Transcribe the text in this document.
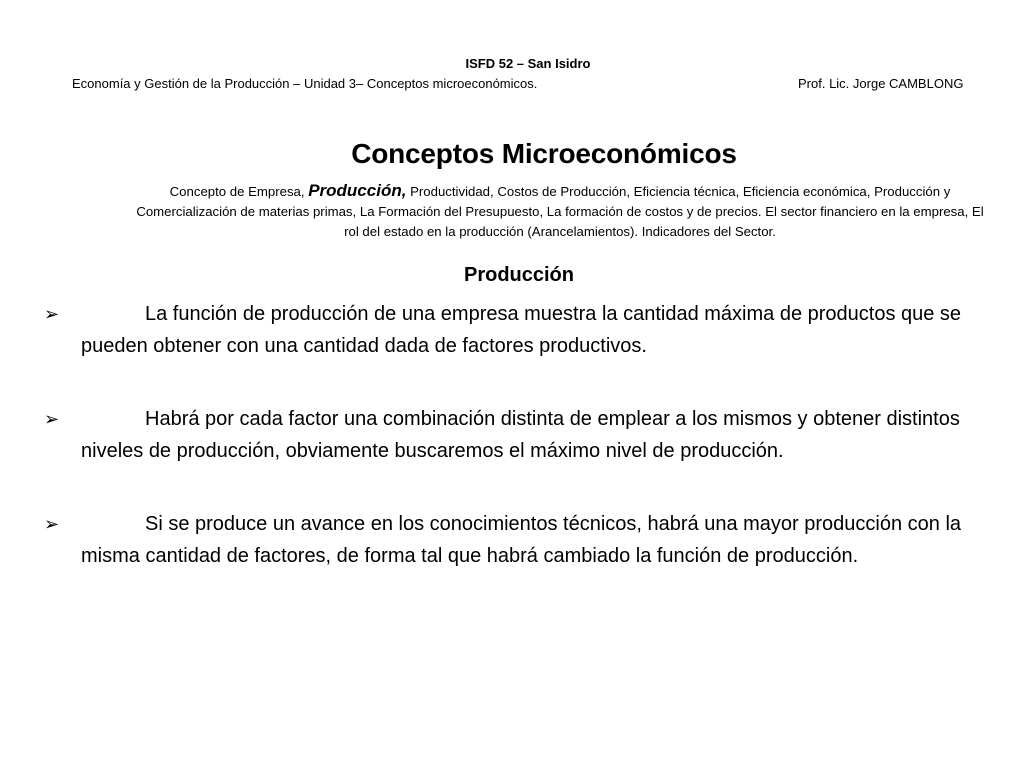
ISFD 52 – San Isidro
Economía y Gestión de la Producción – Unidad 3– Conceptos microeconómicos.	Prof. Lic. Jorge CAMBLONG
Conceptos Microeconómicos
Concepto de Empresa, Producción, Productividad, Costos de Producción, Eficiencia técnica, Eficiencia económica, Producción y Comercialización de materias primas, La Formación del Presupuesto, La formación de costos y de precios. El sector financiero en la empresa, El rol del estado en la producción (Arancelamientos). Indicadores del Sector.
Producción
➢	La función de producción de una empresa muestra la cantidad máxima de productos que se pueden obtener con una cantidad dada de factores productivos.
➢	Habrá por cada factor una combinación distinta de emplear a los mismos y obtener distintos niveles de producción, obviamente buscaremos el máximo nivel de producción.
➢	Si se produce un avance en los conocimientos técnicos, habrá una mayor producción con la misma cantidad de factores, de forma tal que habrá cambiado la función de producción.
